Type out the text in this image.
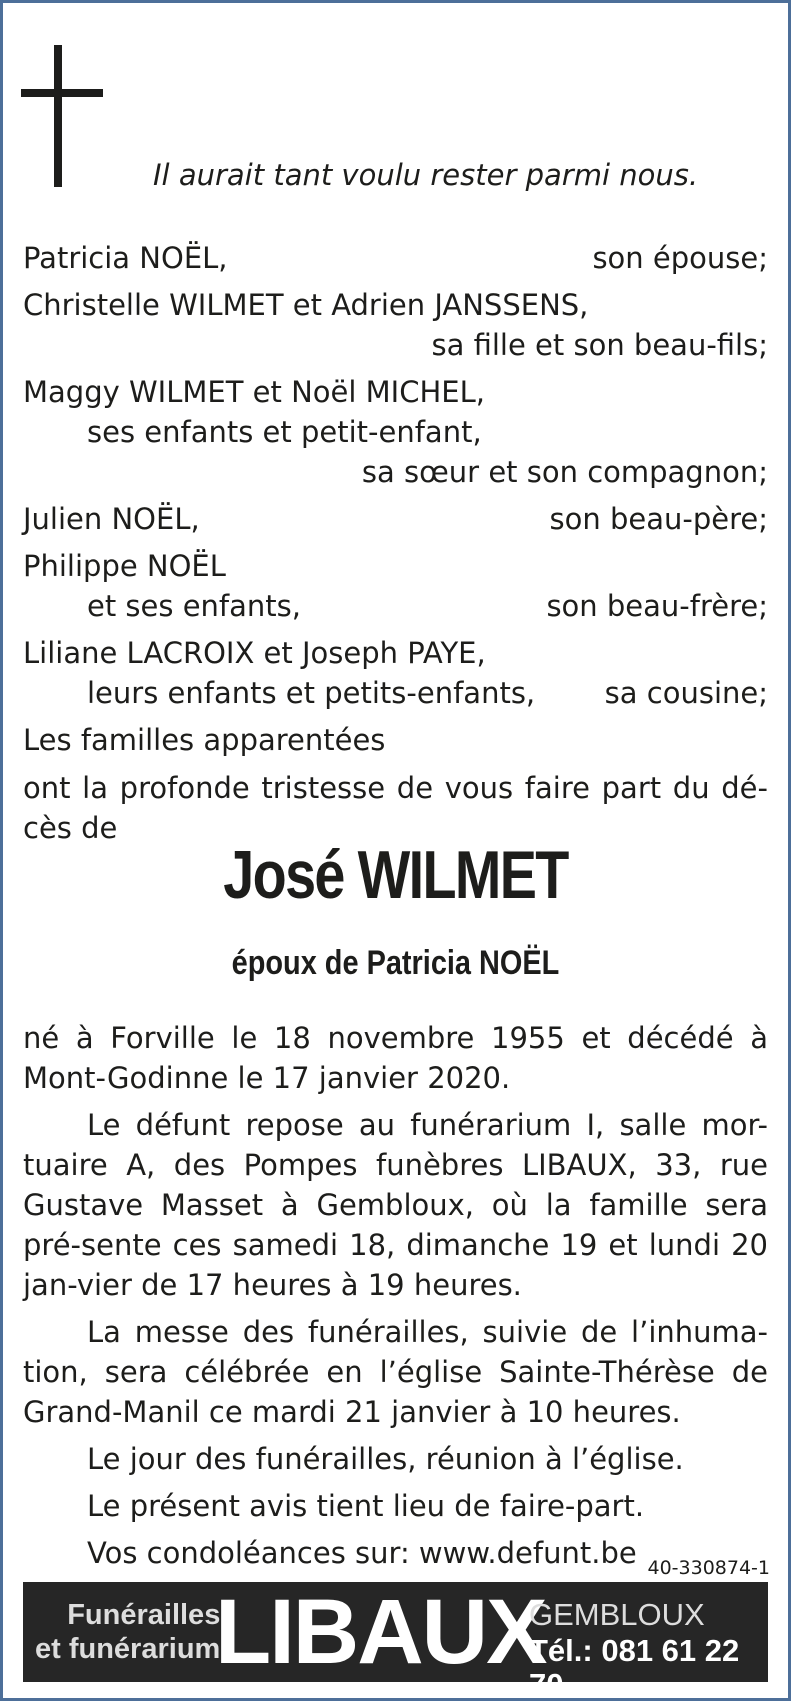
Il aurait tant voulu rester parmi nous.
Patricia NOËL,	son épouse;
Christelle WILMET et Adrien JANSSENS,
sa fille et son beau-fils;
Maggy WILMET et Noël MICHEL,
ses enfants et petit-enfant,
sa sœur et son compagnon;
Julien NOËL,	son beau-père;
Philippe NOËL
et ses enfants,	son beau-frère;
Liliane LACROIX et Joseph PAYE,
leurs enfants et petits-enfants, sa cousine;
Les familles apparentées

ont la profonde tristesse de vous faire part du dé-cès de

José WILMET
époux de Patricia NOËL

né à Forville le 18 novembre 1955 et décédé à Mont-Godinne le 17 janvier 2020.

Le défunt repose au funérarium I, salle mor-tuaire A, des Pompes funèbres LIBAUX, 33, rue Gustave Masset à Gembloux, où la famille sera pré-sente ces samedi 18, dimanche 19 et lundi 20 jan-vier de 17 heures à 19 heures.

La messe des funérailles, suivie de l’inhuma-tion, sera célébrée en l’église Sainte-Thérèse de Grand-Manil ce mardi 21 janvier à 10 heures.

Le jour des funérailles, réunion à l’église.

Le présent avis tient lieu de faire-part.

Vos condoléances sur: www.defunt.be 40-330874-1
Funérailles
et funérarium
LIBAUX
GEMBLOUX
Tél.: 081 61 22 70
